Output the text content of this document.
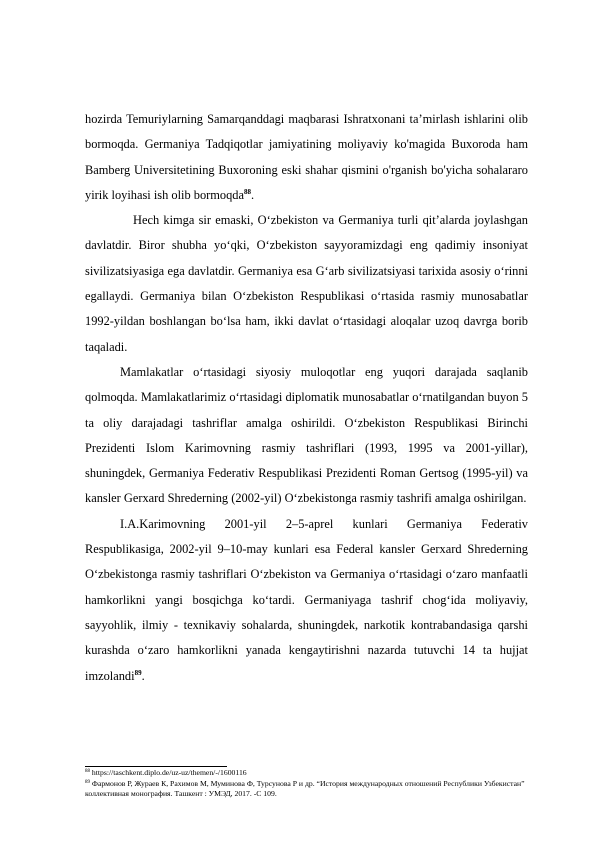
hozirda Temuriylarning Samarqanddagi maqbarasi Ishratxonani ta’mirlash ishlarini olib bormoqda. Germaniya Tadqiqotlar jamiyatining moliyaviy ko'magida Buxoroda ham Bamberg Universitetining Buxoroning eski shahar qismini o'rganish bo'yicha sohalararo yirik loyihasi ish olib bormoqda$^{88}$.

Hech kimga sir emaski, O‘zbekiston va Germaniya turli qit’alarda joylashgan davlatdir. Biror shubha yo‘qki, O‘zbekiston sayyoramizdagi eng qadimiy insoniyat sivilizatsiyasiga ega davlatdir. Germaniya esa G‘arb sivilizatsiyasi tarixida asosiy o‘rinni egallaydi. Germaniya bilan O‘zbekiston Respublikasi o‘rtasida rasmiy munosabatlar 1992-yildan boshlangan bo‘lsa ham, ikki davlat o‘rtasidagi aloqalar uzoq davrga borib taqaladi.

Mamlakatlar o‘rtasidagi siyosiy muloqotlar eng yuqori darajada saqlanib qolmoqda. Mamlakatlarimiz o‘rtasidagi diplomatik munosabatlar o‘rnatilgandan buyon 5 ta oliy darajadagi tashriflar amalga oshirildi. O‘zbekiston Respublikasi Birinchi Prezidenti Islom Karimovning rasmiy tashriflari (1993, 1995 va 2001-yillar), shuningdek, Germaniya Federativ Respublikasi Prezidenti Roman Gertsog (1995-yil) va kansler Gerxard Shrederning (2002-yil) O‘zbekistonga rasmiy tashrifi amalga oshirilgan.

I.A.Karimovning 2001-yil 2–5-aprel kunlari Germaniya Federativ Respublikasiga, 2002-yil 9–10-may kunlari esa Federal kansler Gerxard Shrederning O‘zbekistonga rasmiy tashriflari O‘zbekiston va Germaniya o‘rtasidagi o‘zaro manfaatli hamkorlikni yangi bosqichga ko‘tardi. Germaniyaga tashrif chog‘ida moliyaviy, sayyohlik, ilmiy - texnikaviy sohalarda, shuningdek, narkotik kontrabandasiga qarshi kurashda o‘zaro hamkorlikni yanada kengaytirishni nazarda tutuvchi 14 ta hujjat imzolandi$^{89}$.

$^{88}$ https://taschkent.diplo.de/uz-uz/themen/-/1600116

$^{89}$ Фармонов Р, Жураев К, Рахимов М, Муминова Ф, Турсунова Р и др. “История международных отношений Республики Узбекистан” коллективная монография. Ташкент : УМЭД, 2017. -С 109.
